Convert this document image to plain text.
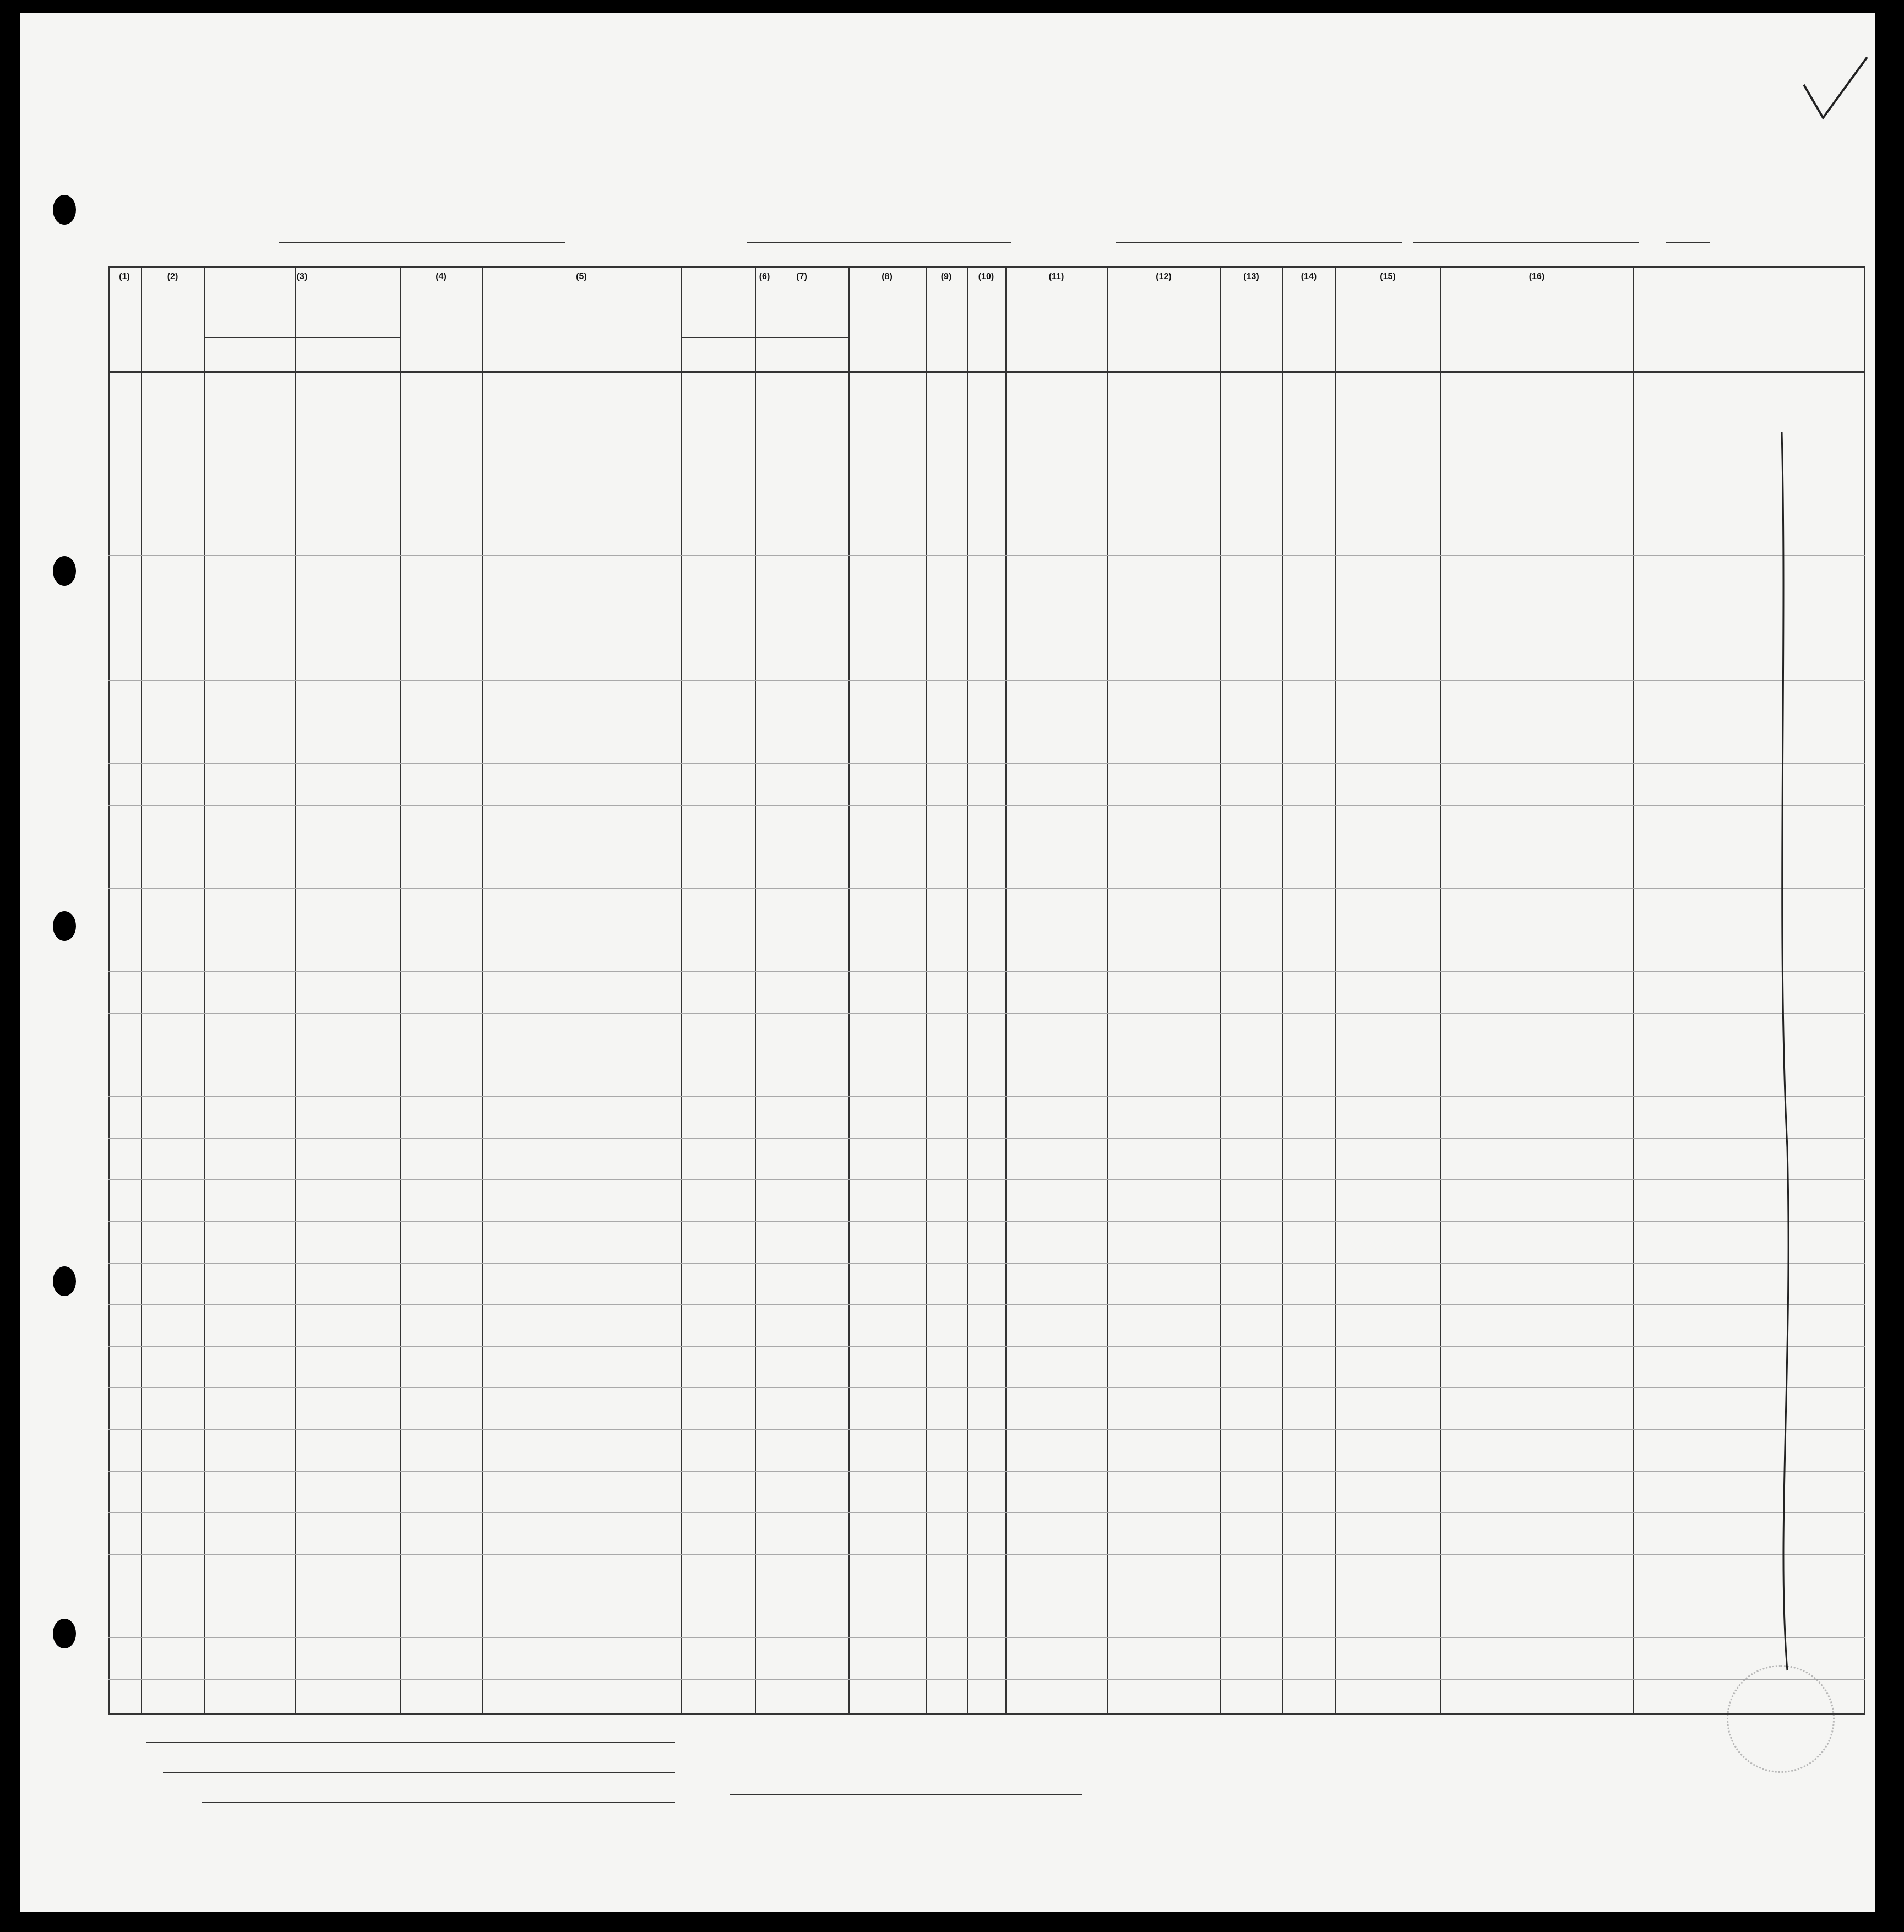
(1)	(2)	(3)	(4)	(5)	(6)	(7)	(8)	(9)	(10)	(11)	(12)	(13)	(14)	(15)	(16)
